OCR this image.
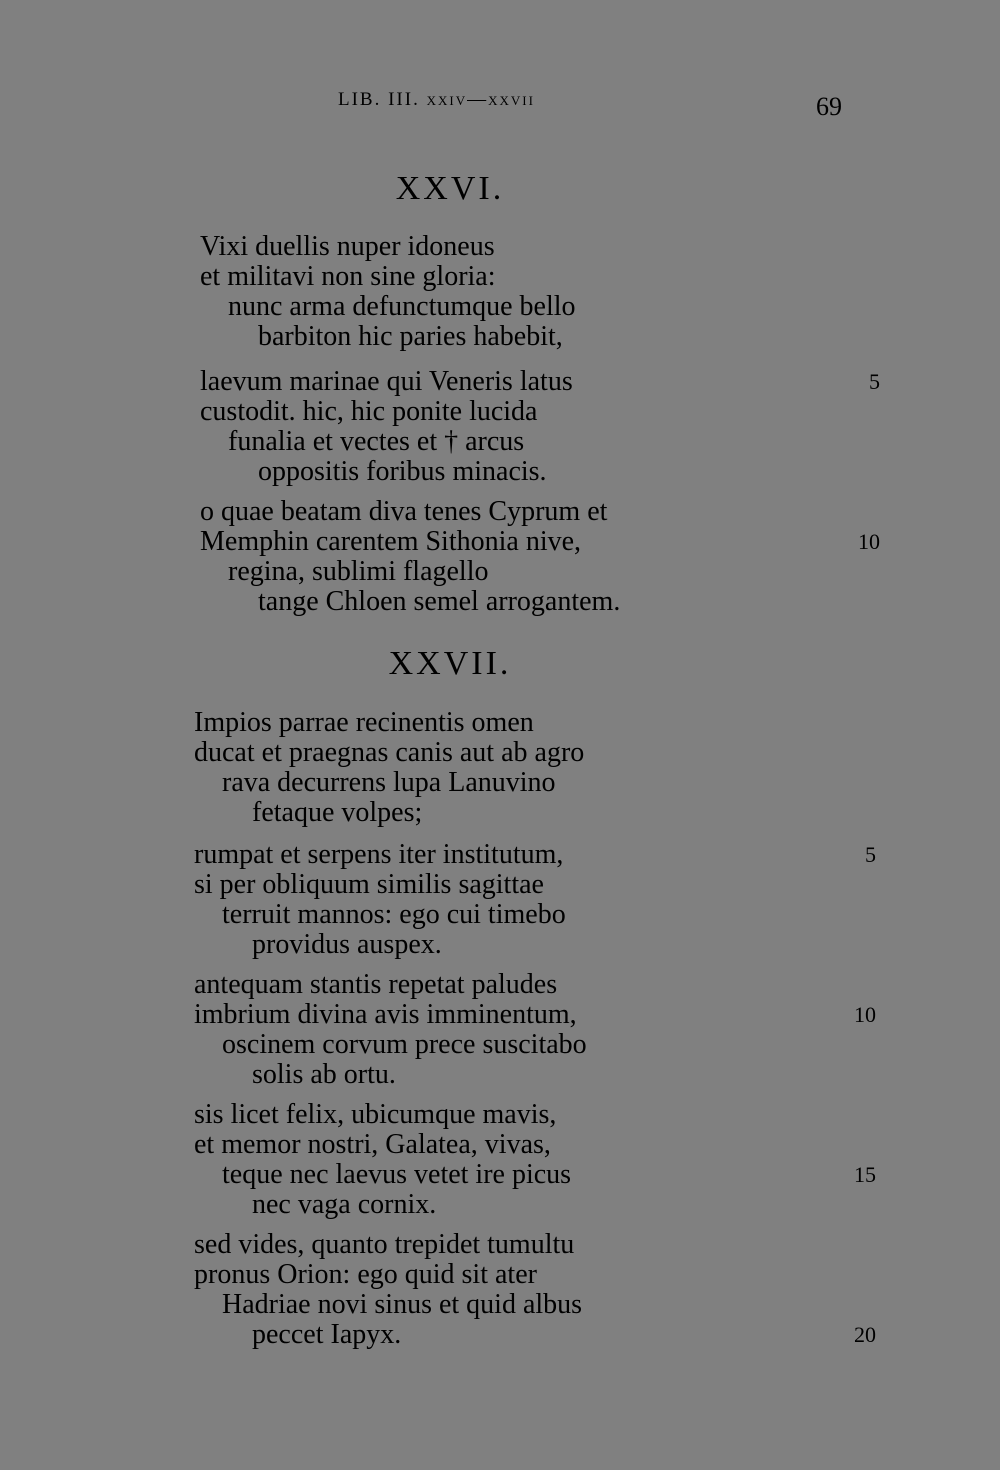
LIB. III. xxiv—xxvii	69
XXVI.
Vixi duellis nuper idoneus
et militavi non sine gloria:
nunc arma defunctumque bello
barbiton hic paries habebit,
laevum marinae qui Veneris latus	5
custodit. hic, hic ponite lucida
funalia et vectes et † arcus
oppositis foribus minacis.
o quae beatam diva tenes Cyprum et
Memphin carentem Sithonia nive,	10
regina, sublimi flagello
tange Chloen semel arrogantem.
XXVII.
Impios parrae recinentis omen
ducat et praegnas canis aut ab agro
rava decurrens lupa Lanuvino
fetaque volpes;
rumpat et serpens iter institutum,	5
si per obliquum similis sagittae
terruit mannos: ego cui timebo
providus auspex.
antequam stantis repetat paludes
imbrium divina avis imminentum,	10
oscinem corvum prece suscitabo
solis ab ortu.
sis licet felix, ubicumque mavis,
et memor nostri, Galatea, vivas,
teque nec laevus vetet ire picus	15
nec vaga cornix.
sed vides, quanto trepidet tumultu
pronus Orion: ego quid sit ater
Hadriae novi sinus et quid albus
peccet Iapyx.	20
